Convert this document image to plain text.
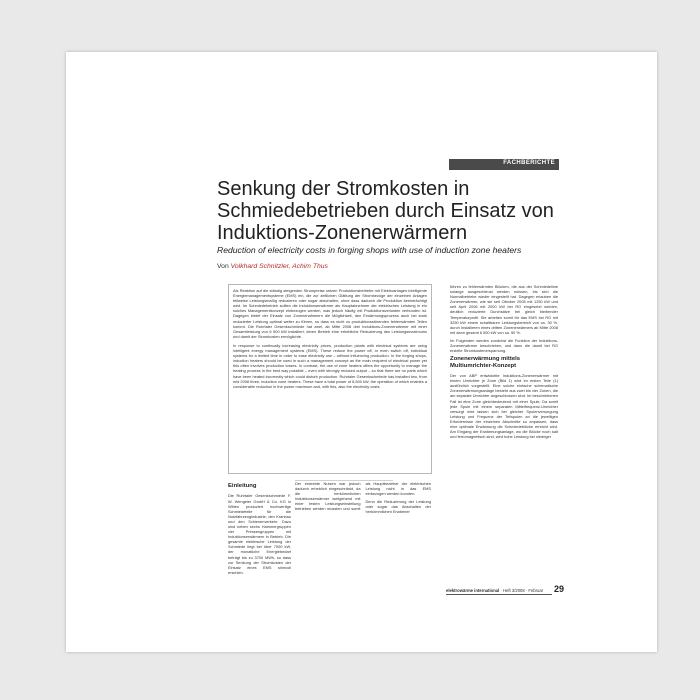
FACHBERICHTE
Senkung der Stromkosten in Schmiedebetrieben durch Einsatz von Induktions-Zonenerwärmern

Reduction of electricity costs in forging shops with use of induction zone heaters

Von Volkhard Schnitzler, Achim Thus

Als Reaktion auf die ständig steigenden Strompreise setzen Produktionsbetriebe mit Elektroanlagen intelligente Energiemanagementsysteme (EMS) ein, die zur zeitlichen Glättung der Strombezüge der einzelnen Anlagen teilweise Leistungsmaßig reduzieren oder sogar abschalten, ohne dass dadurch die Produktion beeinträchtigt wird. Im Schmiedebetrieb sollten die Induktionserwärmer als Hauptabnehmer der elektrischen Leistung in ein solches Managementkonzept einbezogen werden, was jedoch häufig mit Produktionsverlusten verbunden ist. Dagegen bietet der Einsatz von Zonenerwärmern die Möglichkeit, den Erwärmungsprozess auch bei stark reduzierter Leistung optimal weiter zu führen, so dass es nicht zu produktionsstörenden fehlerwärmten Teilen kommt. Die Ruhrtaler Gesenkschmiede hat zwei, ab Mitte 2008 drei Induktions-Zonenerwärmer mit einer Gesamtleistung von 6 500 kW installiert, deren Betrieb eine erhebliche Reduzierung des Leistungsmaximums und damit der Stromkosten ermöglichte.

In response to continually increasing electricity prices, production plants with electrical systems are using intelligent energy management systems (EMS). These reduce the power off, or even switch off, individual systems for a limited time in order to ease electricity use – without influencing production. In the forging shops, induction heaters should be used in such a management concept as the main recipient of electrical power yet this often involves production losses. In contrast, the use of zone heaters offers the opportunity to manage the heating process in the best way possible – even with strongly reduced output – so that there are no parts which have been heated incorrectly which could disturb production. Ruhrtaler Gesenkschmiede has installed two, from mid 2008 three, induction zone heaters. These have a total power of 6,500 kW, the operation of which enables a considerable reduction in the power maximum and, with this, also the electricity costs.

Einleitung

Die Ruhrtaler Gesenkschmiede F. W. Wengeler GmbH & Co. KG in Witten produziert hochwertige Schmiedeteile für die Nutzfahrzeugindustrie, den Kranbau und den Schienenverkehr. Dazu sind neben sechs Hammergruppen vier Pressengruppen mit Induktionserwärmern in Betrieb. Die gesamte elektrische Leistung der Schmiede liegt bei über 7000 kW, der monatliche Energiebedarf beträgt bis zu 3700 MWh, so dass zur Senkung der Stromkosten der Einsatz eines EMS sinnvoll erschien.

Der erstrebte Nutzen war jedoch dadurch erheblich eingeschränkt, da die herkömmlichen Induktionserwärmer weitgehend mit einer festen Leistungseinstellung betrieben werden mussten und somit als Hauptbezieher der elektrischen Leistung nicht in das EMS einbezogen werden konnten.

Denn die Reduzierung der Leistung oder sogar das Abschalten der herkömmlichen Erwärmer

führen zu fehlerwärmten Blöcken, die aus der Schmiedelinie solange ausgeschleust werden müssen, bis sich die Normalbetriebe wieder eingestellt hat. Dagegen erlauben die Zonenerwärmer, wie sie seit Oktober 2005 mit 1250 kW und seit April 2006 mit 2000 kW bei RG eingesetzt werden, deutlich reduzierte Durchsätze bei gleich bleibender Temperaturprofil. Sie arbeiten somit für das EMS bei RG mit 3250 kW einem schaltbaren Leistungsbereich von ca. 30 %, durch Installieren eines dritten Zonenerwärmers ab Mitte 2008 mit dann gesamt 6 500 kW von ca. 50 %.

Im Folgenden werden zunächst die Funktion der Induktions-Zonenerwärmer beschrieben, und dann die damit bei RG erzielte Stromkostenersparnung.

Zonenerwärmung mittels Multiumrichter-Konzept

Der von ABP entwickelte Induktions-Zonenerwärmer mit einem Umrichter je Zone (Bild 1) wird im ersten Teile (1) ausführlich vorgestellt. Eine solche einfache schematische Zonenerwärmungsanlage besteht aus zwei bis vier Zonen, die am separate Umrichter angeschlossen sind. Im beschriebenen Fall ist eine Zone gleichbedeutend mit einer Spule. Da somit jede Spule mit einem separaten Mittelfrequenz-Umrichter versorgt wird lassen sich bei gleicher Spulenversorgung Leistung und Frequenz der Teilspulen an die jeweiligen Erfordernisse der einzelnen Abschnitte so anpassen, dass eine optimale Erwärmung die Schmiedeblöcke erreicht wird. Am Eingang der Erwärmungsanlage, wo die Blöcke noch kalt und ferromagnetisch sind, wird hohe Leistung bei niedriger

elektrowärme international · Heft 3/2008 · Februar 29
